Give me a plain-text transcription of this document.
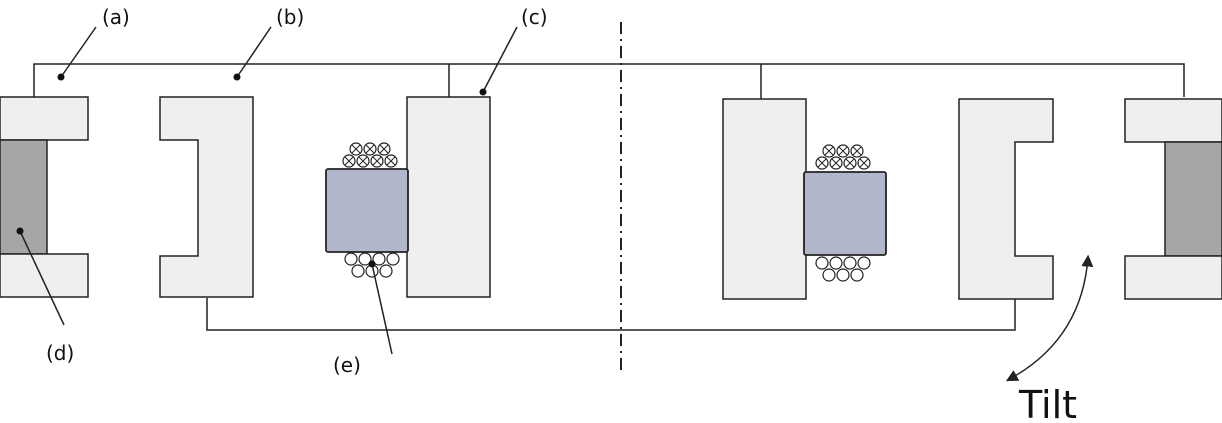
(a)	(b)	(c)
(d)	(e)
Tilt
